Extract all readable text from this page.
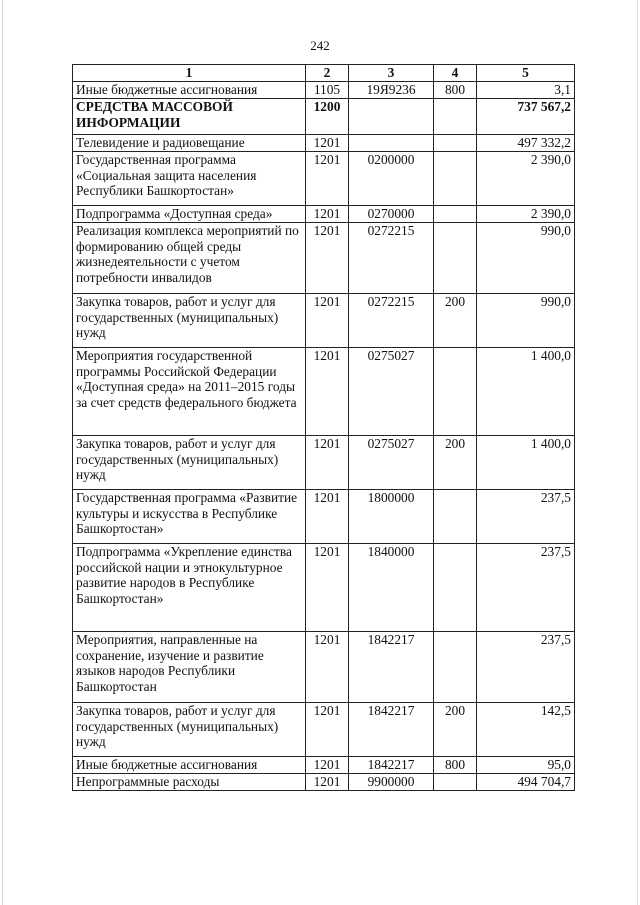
242
1	2	3	4	5
Иные бюджетные ассигнования	1105	19Я9236	800	3,1
СРЕДСТВА МАССОВОЙ ИНФОРМАЦИИ	1200			737 567,2
Телевидение и радиовещание	1201			497 332,2
Государственная программа «Социальная защита населения Республики Башкортостан»	1201	0200000		2 390,0
Подпрограмма «Доступная среда»	1201	0270000		2 390,0
Реализация комплекса мероприятий по формированию общей среды жизнедеятельности с учетом потребности инвалидов	1201	0272215		990,0
Закупка товаров, работ и услуг для государственных (муниципальных) нужд	1201	0272215	200	990,0
Мероприятия государственной программы Российской Федерации «Доступная среда» на 2011–2015 годы за счет средств федерального бюджета	1201	0275027		1 400,0
Закупка товаров, работ и услуг для государственных (муниципальных) нужд	1201	0275027	200	1 400,0
Государственная программа «Развитие культуры и искусства в Республике Башкортостан»	1201	1800000		237,5
Подпрограмма «Укрепление единства российской нации и этнокультурное развитие народов в Республике Башкортостан»	1201	1840000		237,5
Мероприятия, направленные на сохранение, изучение и развитие языков народов Республики Башкортостан	1201	1842217		237,5
Закупка товаров, работ и услуг для государственных (муниципальных) нужд	1201	1842217	200	142,5
Иные бюджетные ассигнования	1201	1842217	800	95,0
Непрограммные расходы	1201	9900000		494 704,7
